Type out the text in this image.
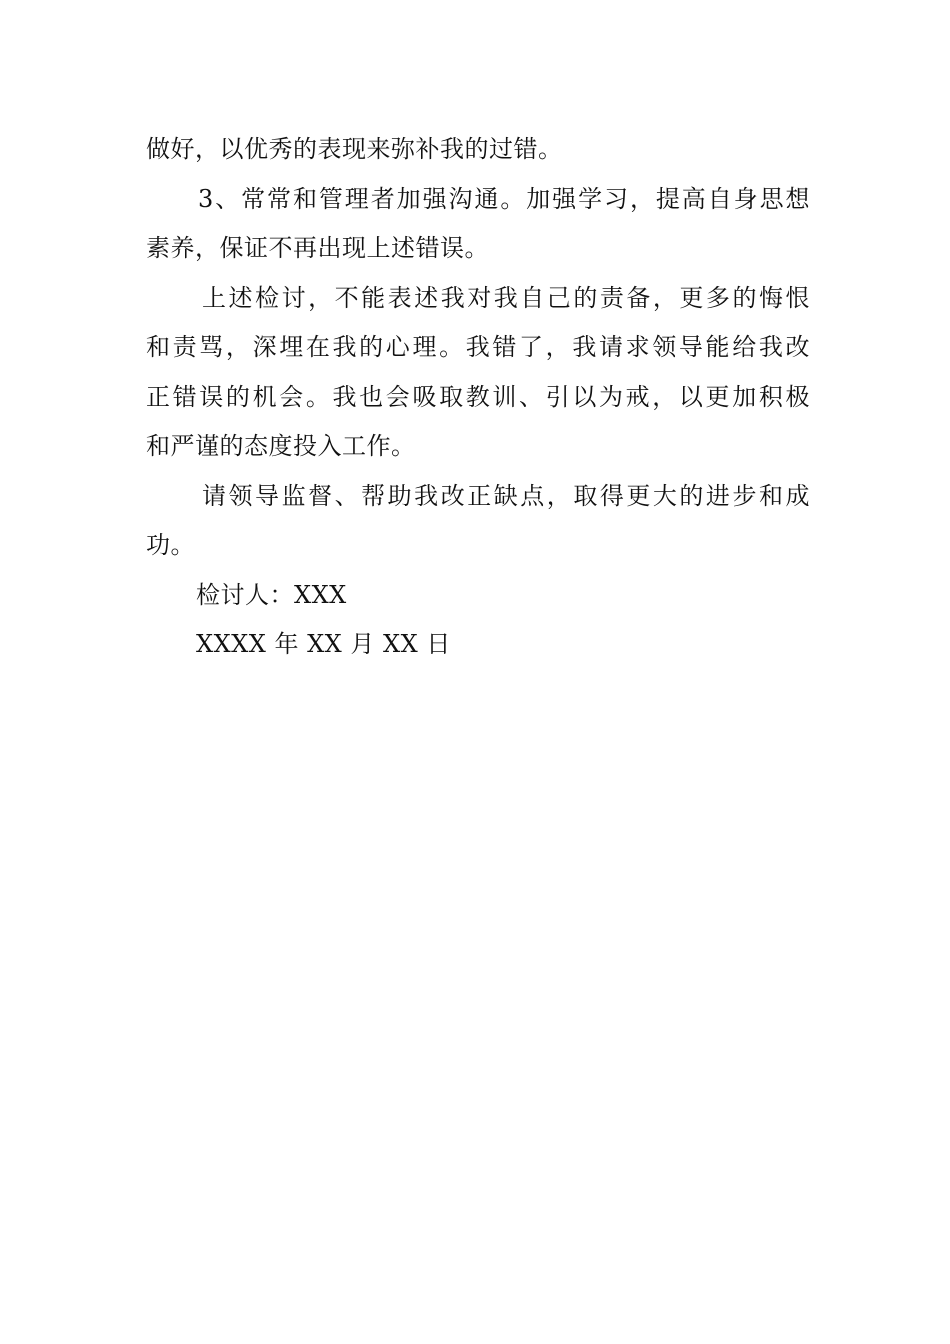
做好，以优秀的表现来弥补我的过错。
3、常常和管理者加强沟通。加强学习，提高自身思想
素养，保证不再出现上述错误。
上述检讨，不能表述我对我自己的责备，更多的悔恨
和责骂，深埋在我的心理。我错了，我请求领导能给我改
正错误的机会。我也会吸取教训、引以为戒，以更加积极
和严谨的态度投入工作。
请领导监督、帮助我改正缺点，取得更大的进步和成
功。
检讨人：XXX
XXXX 年 XX 月 XX 日
